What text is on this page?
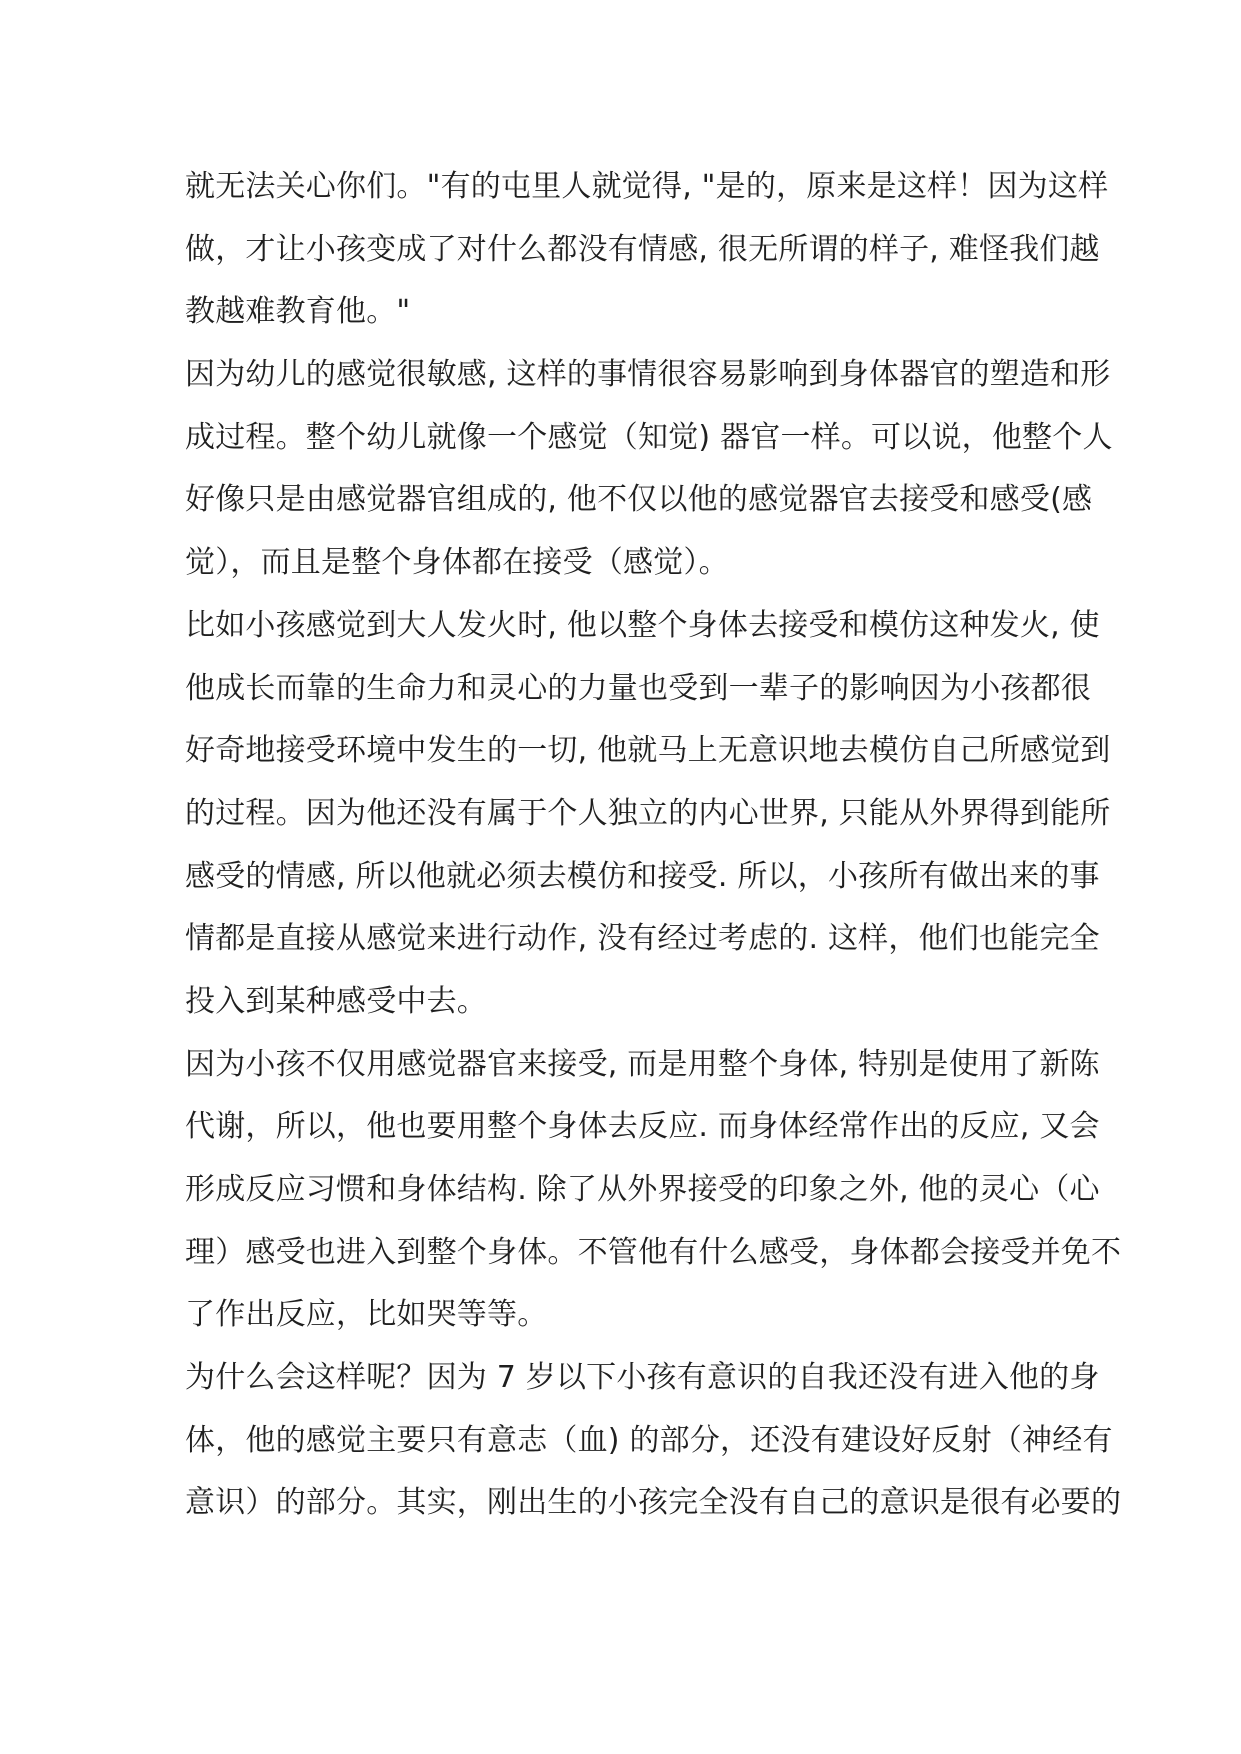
就无法关心你们。"有的屯里人就觉得, "是的，原来是这样！因为这样
做，才让小孩变成了对什么都没有情感, 很无所谓的样子, 难怪我们越
教越难教育他。"
因为幼儿的感觉很敏感, 这样的事情很容易影响到身体器官的塑造和形
成过程。整个幼儿就像一个感觉（知觉) 器官一样。可以说，他整个人
好像只是由感觉器官组成的, 他不仅以他的感觉器官去接受和感受(感
觉），而且是整个身体都在接受（感觉）。
比如小孩感觉到大人发火时, 他以整个身体去接受和模仿这种发火, 使
他成长而靠的生命力和灵心的力量也受到一辈子的影响因为小孩都很
好奇地接受环境中发生的一切, 他就马上无意识地去模仿自己所感觉到
的过程。因为他还没有属于个人独立的内心世界, 只能从外界得到能所
感受的情感, 所以他就必须去模仿和接受. 所以，小孩所有做出来的事
情都是直接从感觉来进行动作, 没有经过考虑的. 这样，他们也能完全
投入到某种感受中去。
因为小孩不仅用感觉器官来接受, 而是用整个身体, 特别是使用了新陈
代谢，所以，他也要用整个身体去反应. 而身体经常作出的反应, 又会
形成反应习惯和身体结构. 除了从外界接受的印象之外, 他的灵心（心
理）感受也进入到整个身体。不管他有什么感受，身体都会接受并免不
了作出反应，比如哭等等。
为什么会这样呢？因为 7 岁以下小孩有意识的自我还没有进入他的身
体，他的感觉主要只有意志（血) 的部分，还没有建设好反射（神经有
意识）的部分。其实，刚出生的小孩完全没有自己的意识是很有必要的
